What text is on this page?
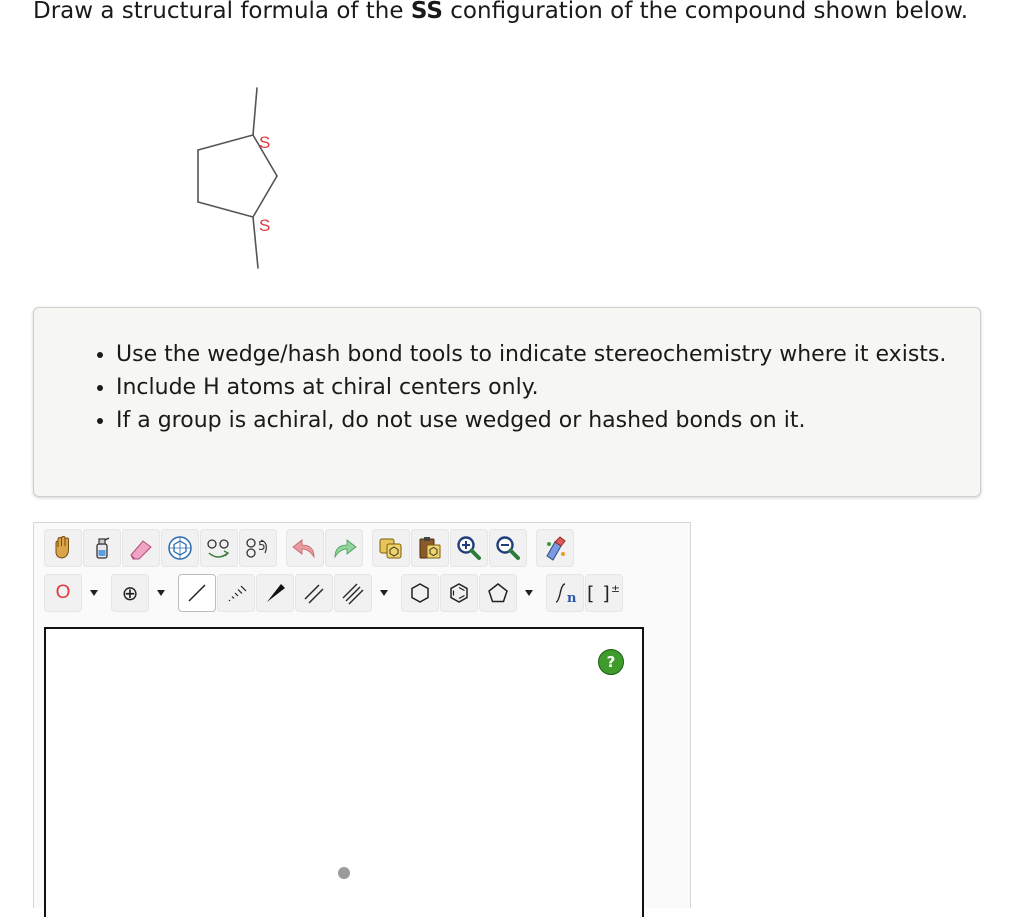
Draw a structural formula of the SS configuration of the compound shown below.

S
S
• Use the wedge/hash bond tools to indicate stereochemistry where it exists.
• Include H atoms at chiral centers only.
• If a group is achiral, do not use wedged or hashed bonds on it.
5
O	⊕	n [ ]±
?
